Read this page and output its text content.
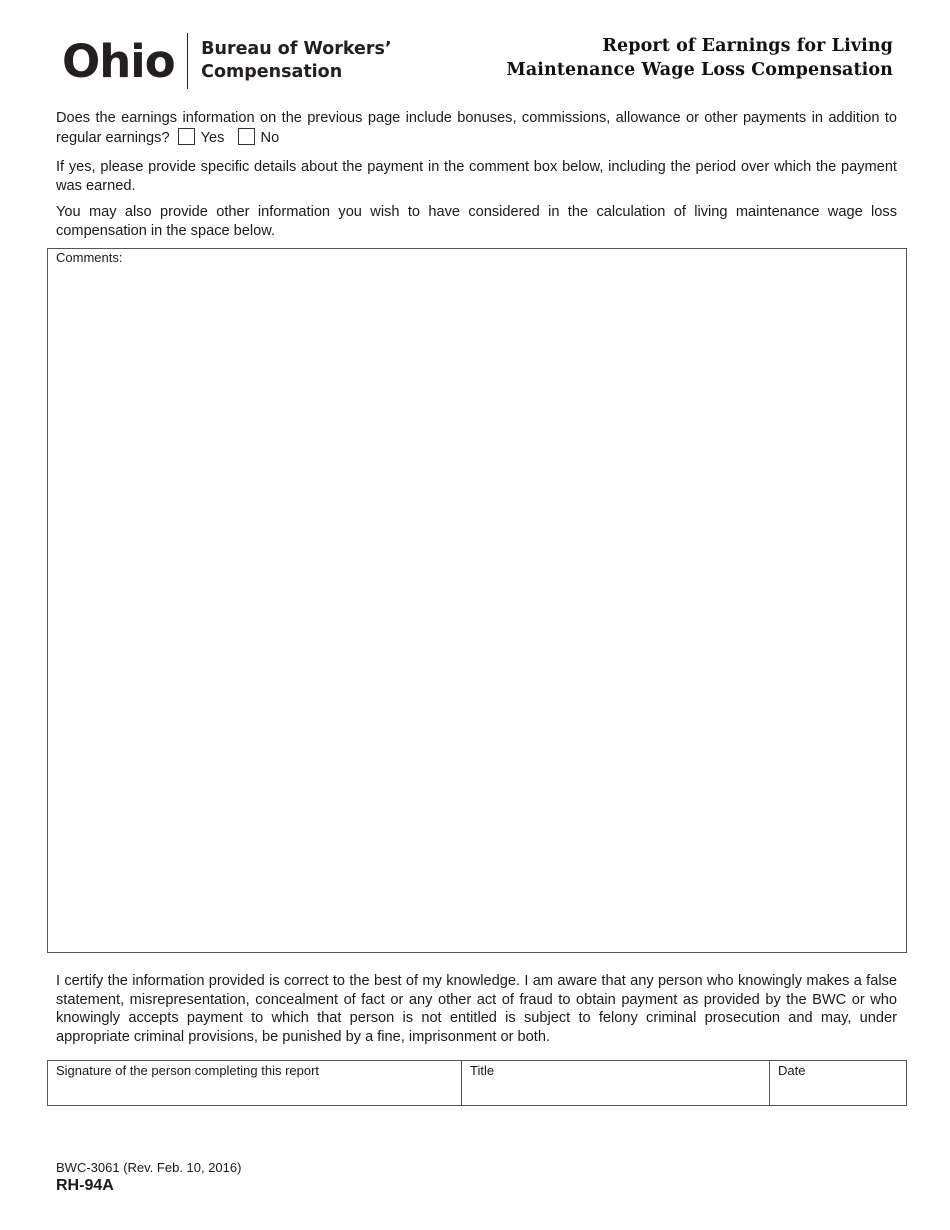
Ohio Bureau of Workers’
Compensation
Report of Earnings for Living
Maintenance Wage Loss Compensation

Does the earnings information on the previous page include bonuses, commissions, allowance or other payments in addition to regular earnings? Yes No

If yes, please provide specific details about the payment in the comment box below, including the period over which the payment was earned.

You may also provide other information you wish to have considered in the calculation of living maintenance wage loss compensation in the space below.

Comments:

I certify the information provided is correct to the best of my knowledge. I am aware that any person who knowingly makes a false statement, misrepresentation, concealment of fact or any other act of fraud to obtain payment as provided by the BWC or who knowingly accepts payment to which that person is not entitled is subject to felony criminal prosecution and may, under appropriate criminal provisions, be punished by a fine, imprisonment or both.

Signature of the person completing this report	Title	Date
BWC-3061 (Rev. Feb. 10, 2016)
RH-94A
